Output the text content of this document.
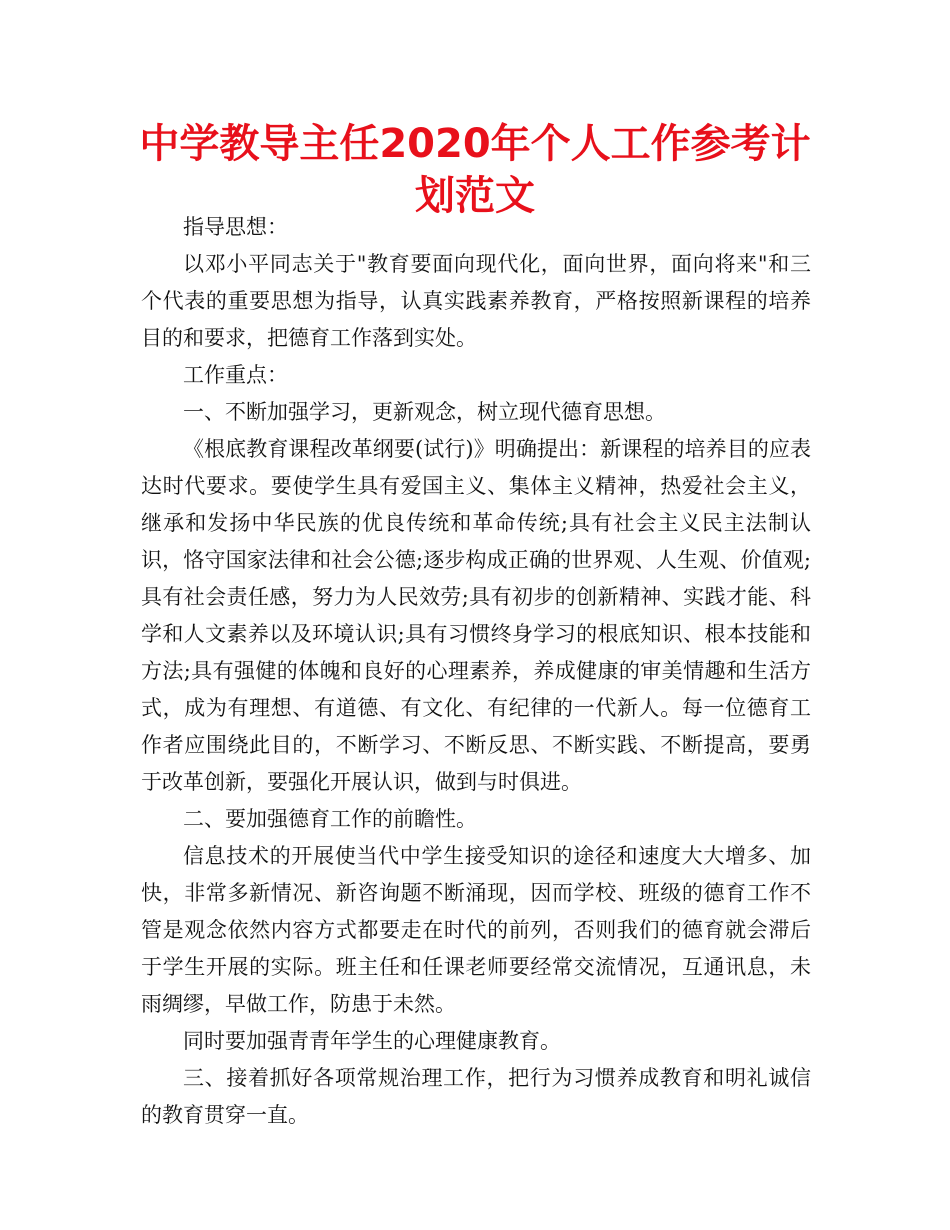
中学教导主任2020年个人工作参考计划范文

指导思想：

以邓小平同志关于"教育要面向现代化，面向世界，面向将来"和三个代表的重要思想为指导，认真实践素养教育，严格按照新课程的培养目的和要求，把德育工作落到实处。

工作重点：

一、不断加强学习，更新观念，树立现代德育思想。

《根底教育课程改革纲要(试行)》明确提出：新课程的培养目的应表达时代要求。要使学生具有爱国主义、集体主义精神，热爱社会主义，继承和发扬中华民族的优良传统和革命传统;具有社会主义民主法制认识，恪守国家法律和社会公德;逐步构成正确的世界观、人生观、价值观;具有社会责任感，努力为人民效劳;具有初步的创新精神、实践才能、科学和人文素养以及环境认识;具有习惯终身学习的根底知识、根本技能和方法;具有强健的体魄和良好的心理素养，养成健康的审美情趣和生活方式，成为有理想、有道德、有文化、有纪律的一代新人。每一位德育工作者应围绕此目的，不断学习、不断反思、不断实践、不断提高，要勇于改革创新，要强化开展认识，做到与时俱进。

二、要加强德育工作的前瞻性。

信息技术的开展使当代中学生接受知识的途径和速度大大增多、加快，非常多新情况、新咨询题不断涌现，因而学校、班级的德育工作不管是观念依然内容方式都要走在时代的前列，否则我们的德育就会滞后于学生开展的实际。班主任和任课老师要经常交流情况，互通讯息，未雨绸缪，早做工作，防患于未然。

同时要加强青青年学生的心理健康教育。

三、接着抓好各项常规治理工作，把行为习惯养成教育和明礼诚信的教育贯穿一直。
